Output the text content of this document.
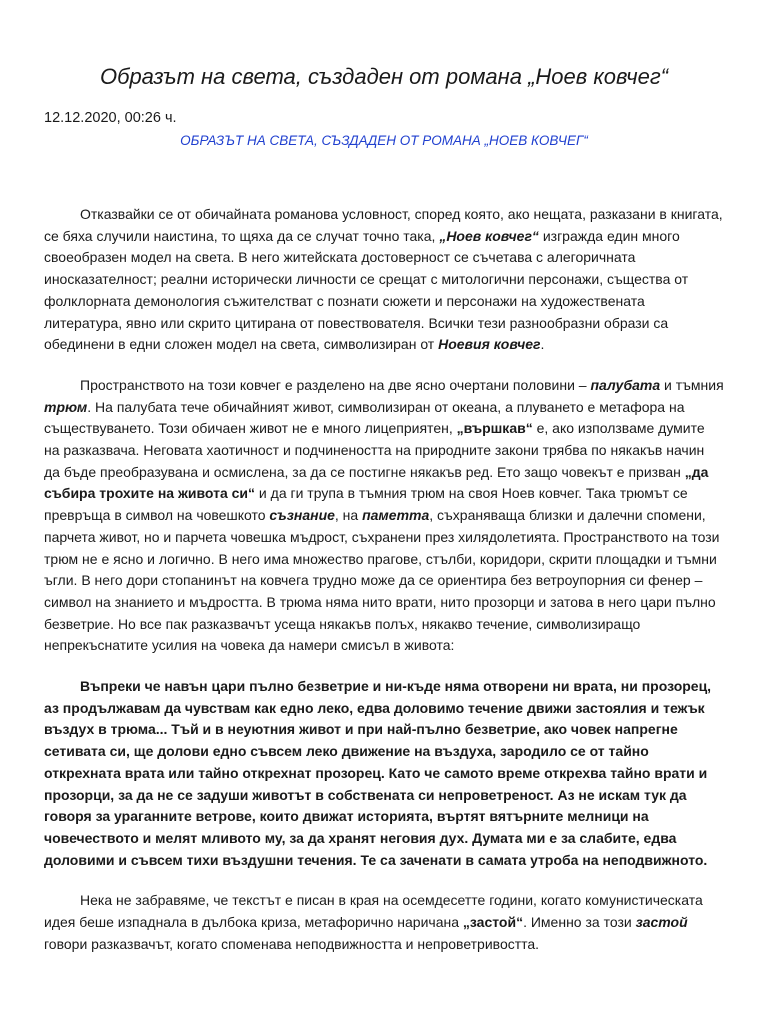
Образът на света, създаден от романа „Ноев ковчег“
12.12.2020, 00:26 ч.
ОБРАЗЪТ НА СВЕТА, СЪЗДАДЕН ОТ РОМАНА „НОЕВ КОВЧЕГ“

Отказвайки се от обичайната романова условност, според която, ако нещата, разказани в книгата, се бяха случили наистина, то щяха да се случат точно така, „Ноев ковчег“ изгражда един много своеобразен модел на света. В него житейската достоверност се съчетава с алегоричната иносказателност; реални исторически личности се срещат с митологични персонажи, същества от фолклорната демонология съжителстват с познати сюжети и персонажи на художествената литература, явно или скрито цитирана от повествователя. Всички тези разнообразни образи са обединени в едни сложен модел на света, символизиран от Ноевия ковчег.

Пространството на този ковчег е разделено на две ясно очертани половини – палубата и тъмния трюм. На палубата тече обичайният живот, символизиран от океана, а плуването е метафора на съществуването. Този обичаен живот не е много лицеприятен, „вършкав“ е, ако използваме думите на разказвача. Неговата хаотичност и подчинеността на природните закони трябва по някакъв начин да бъде преобразувана и осмислена, за да се постигне някакъв ред. Ето защо човекът е призван „да събира трохите на живота си“ и да ги трупа в тъмния трюм на своя Ноев ковчег. Така трюмът се превръща в символ на човешкото съзнание, на паметта, съхраняваща близки и далечни спомени, парчета живот, но и парчета човешка мъдрост, съхранени през хилядолетията. Пространството на този трюм не е ясно и логично. В него има множество прагове, стълби, коридори, скрити площадки и тъмни ъгли. В него дори стопанинът на ковчега трудно може да се ориентира без ветроупорния си фенер – символ на знанието и мъдростта. В трюма няма нито врати, нито прозорци и затова в него цари пълно безветрие. Но все пак разказвачът усеща някакъв полъх, някакво течение, символизиращо непрекъснатите усилия на човека да намери смисъл в живота:

Въпреки че навън цари пълно безветрие и ни-къде няма отворени ни врата, ни прозорец, аз продължавам да чувствам как едно леко, едва доловимо течение движи застоялия и тежък въздух в трюма... Тъй и в неуютния живот и при най-пълно безветрие, ако човек напрегне сетивата си, ще долови едно съвсем леко движение на въздуха, зародило се от тайно открехната врата или тайно открехнат прозорец. Като че самото време открехва тайно врати и прозорци, за да не се задуши животът в собствената си непроветреност. Аз не искам тук да говоря за ураганните ветрове, които движат историята, въртят вятърните мелници на човечеството и мелят мливото му, за да хранят неговия дух. Думата ми е за слабите, едва доловими и съвсем тихи въздушни течения. Те са заченати в самата утроба на неподвижното.

Нека не забравяме, че текстът е писан в края на осемдесетте години, когато комунистическата идея беше изпаднала в дълбока криза, метафорично наричана „застой“. Именно за този застой говори разказвачът, когато споменава неподвижността и непроветривостта.
